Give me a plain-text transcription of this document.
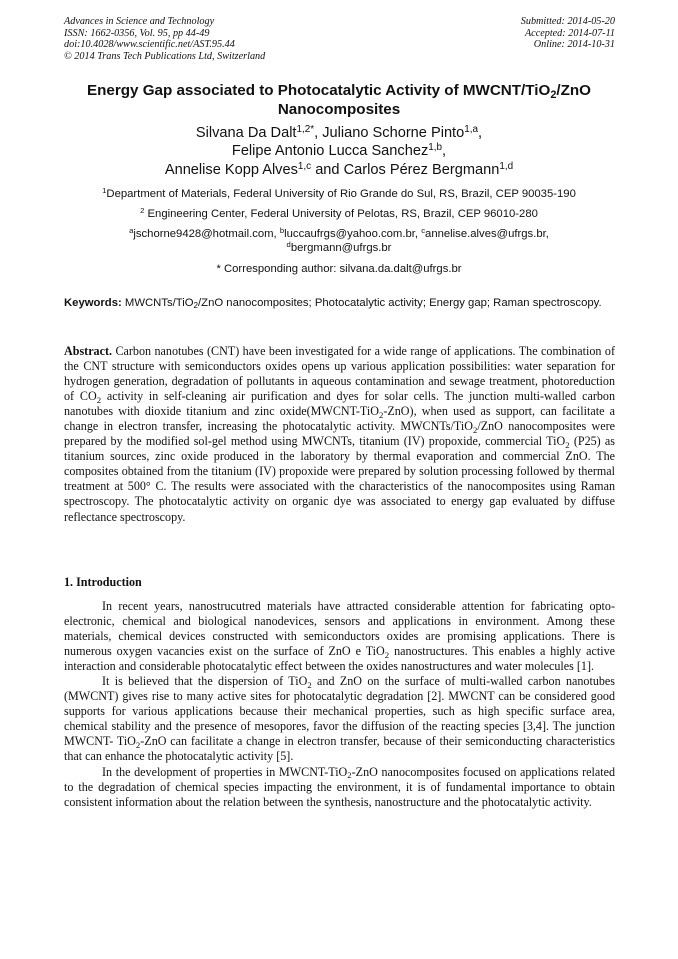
Advances in Science and Technology
ISSN: 1662-0356, Vol. 95, pp 44-49
doi:10.4028/www.scientific.net/AST.95.44
© 2014 Trans Tech Publications Ltd, Switzerland
Submitted: 2014-05-20
Accepted: 2014-07-11
Online: 2014-10-31
Energy Gap associated to Photocatalytic Activity of MWCNT/TiO$_2$/ZnO Nanocomposites
Silvana Da Dalt$^{1,2*}$, Juliano Schorne Pinto$^{1,a}$,
Felipe Antonio Lucca Sanchez$^{1,b}$,
Annelise Kopp Alves$^{1,c}$ and Carlos Pérez Bergmann$^{1,d}$
$^1$Department of Materials, Federal University of Rio Grande do Sul, RS, Brazil, CEP 90035-190
$^2$ Engineering Center, Federal University of Pelotas, RS, Brazil, CEP 96010-280
$^a$jschorne9428@hotmail.com, $^b$luccaufrgs@yahoo.com.br, $^c$annelise.alves@ufrgs.br,
$^d$bergmann@ufrgs.br
* Corresponding author: silvana.da.dalt@ufrgs.br
Keywords: MWCNTs/TiO$_2$/ZnO nanocomposites; Photocatalytic activity; Energy gap; Raman spectroscopy.

Abstract. Carbon nanotubes (CNT) have been investigated for a wide range of applications. The combination of the CNT structure with semiconductors oxides opens up various application possibilities: water separation for hydrogen generation, degradation of pollutants in aqueous contamination and sewage treatment, photoreduction of $CO_2$ activity in self-cleaning air purification and dyes for solar cells. The junction multi-walled carbon nanotubes with dioxide titanium and zinc oxide(MWCNT-TiO$_2$-ZnO), when used as support, can facilitate a change in electron transfer, increasing the photocatalytic activity. MWCNTs/TiO$_2$/ZnO nanocomposites were prepared by the modified sol-gel method using MWCNTs, titanium (IV) propoxide, commercial TiO$_2$ (P25) as titanium sources, zinc oxide produced in the laboratory by thermal evaporation and commercial ZnO. The composites obtained from the titanium (IV) propoxide were prepared by solution processing followed by thermal treatment at 500° C. The results were associated with the characteristics of the nanocomposites using Raman spectroscopy. The photocatalytic activity on organic dye was associated to energy gap evaluated by diffuse reflectance spectroscopy.

1. Introduction

In recent years, nanostrucutred materials have attracted considerable attention for fabricating opto-electronic, chemical and biological nanodevices, sensors and applications in environment. Among these materials, chemical devices constructed with semiconductors oxides are promising applications. There is numerous oxygen vacancies exist on the surface of ZnO e TiO$_2$ nanostructures. This enables a highly active interaction and considerable photocatalytic effect between the oxides nanostructures and water molecules [1].

It is believed that the dispersion of TiO$_2$ and ZnO on the surface of multi-walled carbon nanotubes (MWCNT) gives rise to many active sites for photocatalytic degradation [2]. MWCNT can be considered good supports for various applications because their mechanical properties, such as high specific surface area, chemical stability and the presence of mesopores, favor the diffusion of the reacting species [3,4]. The junction MWCNT- TiO$_2$-ZnO can facilitate a change in electron transfer, because of their semiconducting characteristics that can enhance the photocatalytic activity [5].

In the development of properties in MWCNT-TiO$_2$-ZnO nanocomposites focused on applications related to the degradation of chemical species impacting the environment, it is of fundamental importance to obtain consistent information about the relation between the synthesis, nanostructure and the photocatalytic activity.
